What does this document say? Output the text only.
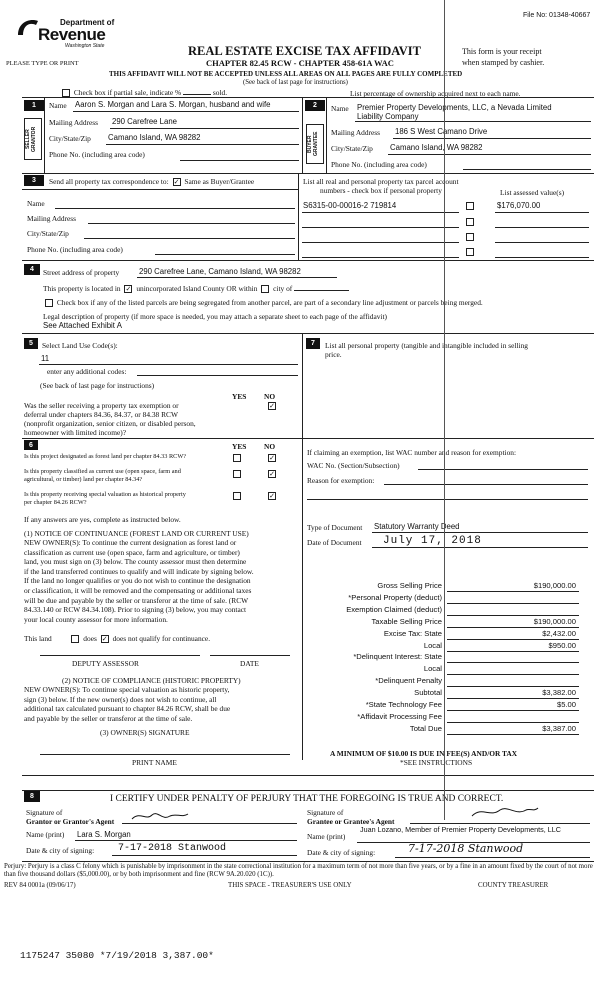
File No: 01348-40667
Department of
Revenue
Washington State
PLEASE TYPE OR PRINT
REAL ESTATE EXCISE TAX AFFIDAVIT
CHAPTER 82.45 RCW - CHAPTER 458-61A WAC
This form is your receipt
when stamped by cashier.
THIS AFFIDAVIT WILL NOT BE ACCEPTED UNLESS ALL AREAS ON ALL PAGES ARE FULLY COMPLETED
(See back of last page for instructions)
Check box if partial sale, indicate %	sold.	List percentage of ownership acquired next to each name.
1
SELLER GRANTOR
Name Aaron S. Morgan and Lara S. Morgan, husband and wife
Mailing Address 290 Carefree Lane
City/State/Zip Camano Island, WA 98282
Phone No. (including area code)
2
BUYER GRANTEE
Name Premier Property Developments, LLC, a Nevada Limited
Liability Company
Mailing Address 186 S West Camano Drive
City/State/Zip Camano Island, WA 98282
Phone No. (including area code)
3	Send all property tax correspondence to: ✓ Same as Buyer/Grantee
Name
Mailing Address
City/State/Zip
Phone No. (including area code)
List all real and personal property tax parcel account
numbers - check box if personal property	List assessed value(s)
S6315-00-00016-2 719814	$176,070.00
4	Street address of property	290 Carefree Lane, Camano Island, WA 98282
This property is located in ✓ unincorporated Island County OR within city of
Check box if any of the listed parcels are being segregated from another parcel, are part of a secondary line adjustment or parcels being merged.
Legal description of property (if more space is needed, you may attach a separate sheet to each page of the affidavit)
See Attached Exhibit A
5	Select Land Use Code(s):
11
enter any additional codes:
(See back of last page for instructions)
YES NO
Was the seller receiving a property tax exemption or	✓
deferral under chapters 84.36, 84.37, or 84.38 RCW
(nonprofit organization, senior citizen, or disabled person,
homeowner with limited income)?
6	YES NO
Is this project designated as forest land per chapter 84.33 RCW?	✓
Is this property classified as current use (open space, farm and
agricultural, or timber) land per chapter 84.34?
✓
Is this property receiving special valuation as historical property
per chapter 84.26 RCW?
✓
If any answers are yes, complete as instructed below.
(1) NOTICE OF CONTINUANCE (FOREST LAND OR CURRENT USE)
NEW OWNER(S): To continue the current designation as forest land or
classification as current use (open space, farm and agriculture, or timber)
land, you must sign on (3) below. The county assessor must then determine
if the land transferred continues to qualify and will indicate by signing below.
If the land no longer qualifies or you do not wish to continue the designation
or classification, it will be removed and the compensating or additional taxes
will be due and payable by the seller or transferor at the time of sale. (RCW
84.33.140 or RCW 84.34.108). Prior to signing (3) below, you may contact
your local county assessor for more information.
This land	does ✓ does not qualify for continuance.
DEPUTY ASSESSOR	DATE
(2) NOTICE OF COMPLIANCE (HISTORIC PROPERTY)
NEW OWNER(S): To continue special valuation as historic property,
sign (3) below. If the new owner(s) does not wish to continue, all
additional tax calculated pursuant to chapter 84.26 RCW, shall be due
and payable by the seller or transferor at the time of sale.
(3) OWNER(S) SIGNATURE
PRINT NAME
7	List all personal property (tangible and intangible included in selling
price.
If claiming an exemption, list WAC number and reason for exemption:
WAC No. (Section/Subsection)
Reason for exemption:
Type of Document Statutory Warranty Deed
Date of Document July 17, 2018
Gross Selling Price	$190,000.00
*Personal Property (deduct)
Exemption Claimed (deduct)
Taxable Selling Price	$190,000.00
Excise Tax: State	$2,432.00
Local	$950.00
*Delinquent Interest: State
Local
*Delinquent Penalty
Subtotal	$3,382.00
*State Technology Fee	$5.00
*Affidavit Processing Fee
Total Due	$3,387.00
A MINIMUM OF $10.00 IS DUE IN FEE(S) AND/OR TAX
*SEE INSTRUCTIONS
8	I CERTIFY UNDER PENALTY OF PERJURY THAT THE FOREGOING IS TRUE AND CORRECT.
Signature of
Grantor or Grantor's Agent
Name (print) Lara S. Morgan
Date & city of signing: 7-17-2018 Stanwood
Signature of
Grantee or Grantee's Agent
Name (print)
Juan Lozano, Member of Premier Property Developments, LLC
Date & city of signing:	7-17-2018 Stanwood
Perjury: Perjury is a class C felony which is punishable by imprisonment in the state correctional institution for a maximum term of not more than five years, or by a fine in an amount fixed by the court of not more than five thousand dollars ($5,000.00), or by both imprisonment and fine (RCW 9A.20.020 (1C)).
REV 84 0001a (09/06/17)	THIS SPACE - TREASURER'S USE ONLY	COUNTY TREASURER
1175247 35080 *7/19/2018 3,387.00*
